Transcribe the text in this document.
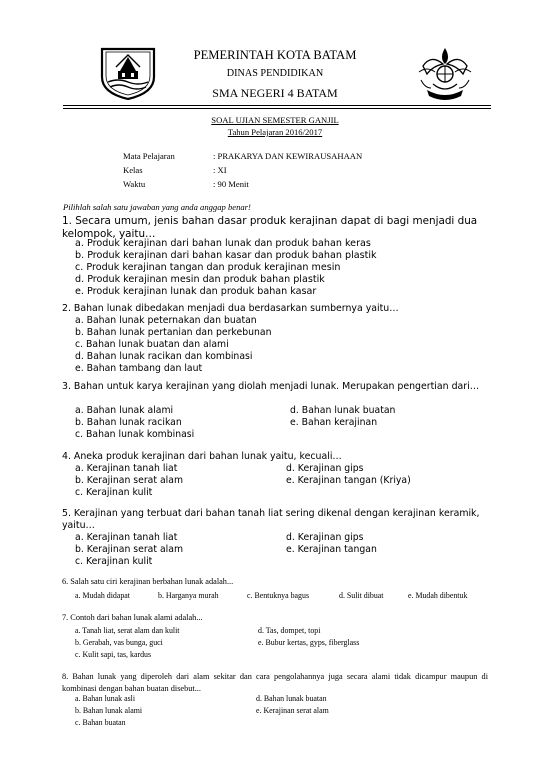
PEMERINTAH KOTA BATAM
DINAS PENDIDIKAN
SMA NEGERI 4 BATAM
SOAL UJIAN SEMESTER GANJIL
Tahun Pelajaran 2016/2017
Mata Pelajaran	: PRAKARYA DAN KEWIRAUSAHAAN
Kelas	: XI
Waktu	: 90 Menit
Pilihlah salah satu jawaban yang anda anggap benar!
1. Secara umum, jenis bahan dasar produk kerajinan dapat di bagi menjadi dua kelompok, yaitu…
a. Produk kerajinan dari bahan lunak dan produk bahan keras
b. Produk kerajinan dari bahan kasar dan produk bahan plastik
c. Produk kerajinan tangan dan produk kerajinan mesin
d. Produk kerajinan mesin dan produk bahan plastik
e. Produk kerajinan lunak dan produk bahan kasar
2. Bahan lunak dibedakan menjadi dua berdasarkan sumbernya yaitu…
a. Bahan lunak peternakan dan buatan
b. Bahan lunak pertanian dan perkebunan
c. Bahan lunak buatan dan alami
d. Bahan lunak racikan dan kombinasi
e. Bahan tambang dan laut
3. Bahan untuk karya kerajinan yang diolah menjadi lunak. Merupakan pengertian dari…
a. Bahan lunak alami	d. Bahan lunak buatan
b. Bahan lunak racikan	e. Bahan kerajinan
c. Bahan lunak kombinasi
4. Aneka produk kerajinan dari bahan lunak yaitu, kecuali…
a. Kerajinan tanah liat	d. Kerajinan gips
b. Kerajinan serat alam	e. Kerajinan tangan (Kriya)
c. Kerajinan kulit
5. Kerajinan yang terbuat dari bahan tanah liat sering dikenal dengan kerajinan keramik, yaitu…
a. Kerajinan tanah liat	d. Kerajinan gips
b. Kerajinan serat alam	e. Kerajinan tangan
c. Kerajinan kulit
6. Salah satu ciri kerajinan berbahan lunak adalah...
a. Mudah didapat	b. Harganya murah	c. Bentuknya bagus	d. Sulit dibuat	e. Mudah dibentuk
7. Contoh dari bahan lunak alami adalah...
a. Tanah liat, serat alam dan kulit	d. Tas, dompet, topi
b. Gerabah, vas bunga, guci	e. Bubur kertas, gyps, fiberglass
c. Kulit sapi, tas, kardus
8. Bahan lunak yang diperoleh dari alam sekitar dan cara pengolahannya juga secara alami tidak dicampur maupun di kombinasi dengan bahan buatan disebut...
a. Bahan lunak asli	d. Bahan lunak buatan
b. Bahan lunak alami	e. Kerajinan serat alam
c. Bahan buatan
